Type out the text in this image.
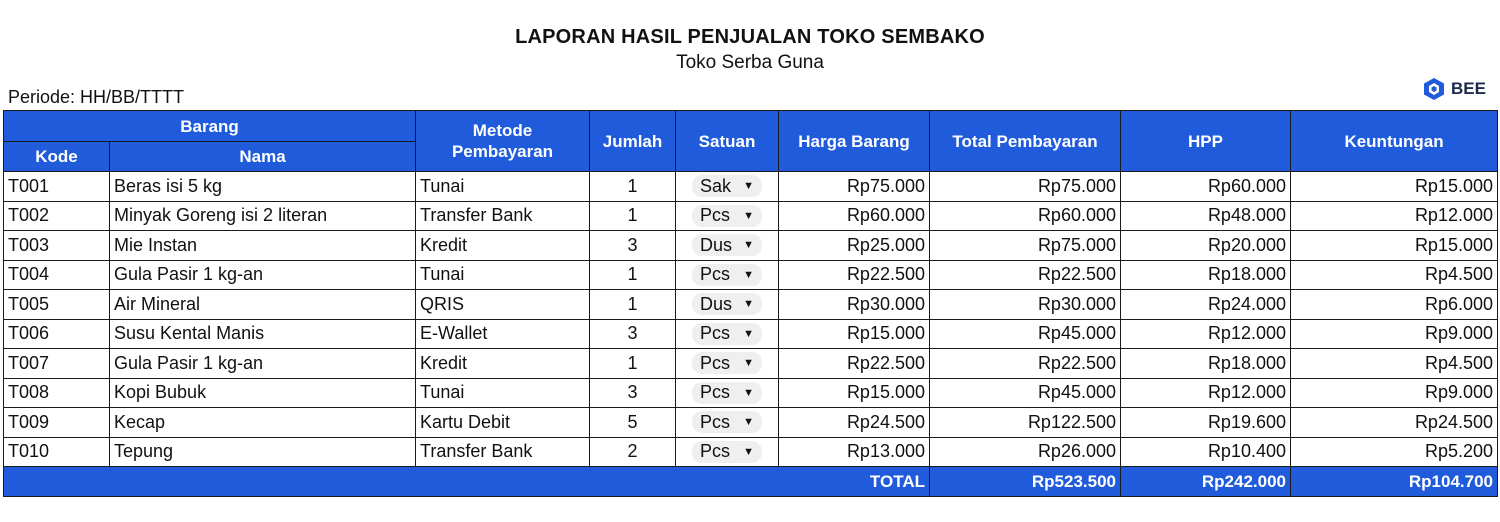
LAPORAN HASIL PENJUALAN TOKO SEMBAKO
Toko Serba Guna
Periode: HH/BB/TTTT	BEE
Barang		Metode Pembayaran	Jumlah	Satuan	Harga Barang	Total Pembayaran	HPP	Keuntungan
Kode	Nama							
T001	Beras isi 5 kg	Tunai	1	Sak ▼	Rp75.000	Rp75.000	Rp60.000	Rp15.000
T002	Minyak Goreng isi 2 literan	Transfer Bank	1	Pcs ▼	Rp60.000	Rp60.000	Rp48.000	Rp12.000
T003	Mie Instan	Kredit	3	Dus ▼	Rp25.000	Rp75.000	Rp20.000	Rp15.000
T004	Gula Pasir 1 kg-an	Tunai	1	Pcs ▼	Rp22.500	Rp22.500	Rp18.000	Rp4.500
T005	Air Mineral	QRIS	1	Dus ▼	Rp30.000	Rp30.000	Rp24.000	Rp6.000
T006	Susu Kental Manis	E-Wallet	3	Pcs ▼	Rp15.000	Rp45.000	Rp12.000	Rp9.000
T007	Gula Pasir 1 kg-an	Kredit	1	Pcs ▼	Rp22.500	Rp22.500	Rp18.000	Rp4.500
T008	Kopi Bubuk	Tunai	3	Pcs ▼	Rp15.000	Rp45.000	Rp12.000	Rp9.000
T009	Kecap	Kartu Debit	5	Pcs ▼	Rp24.500	Rp122.500	Rp19.600	Rp24.500
T010	Tepung	Transfer Bank	2	Pcs ▼	Rp13.000	Rp26.000	Rp10.400	Rp5.200
TOTAL						Rp523.500	Rp242.000	Rp104.700
